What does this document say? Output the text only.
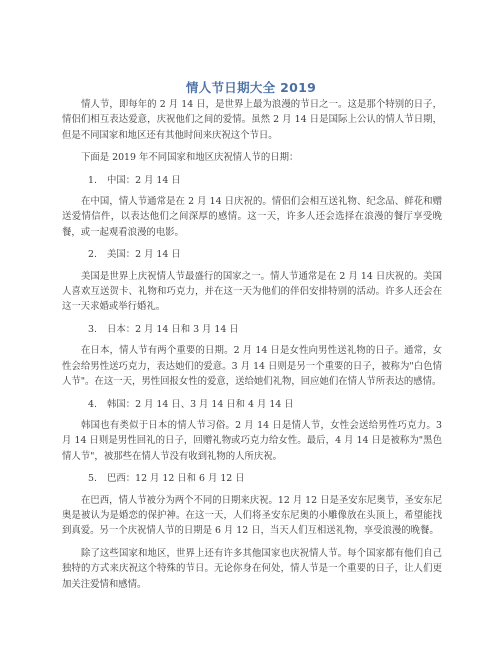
情人节日期大全 2019

情人节，即每年的 2 月 14 日，是世界上最为浪漫的节日之一。这是那个特别的日子，情侣们相互表达爱意，庆祝他们之间的爱情。虽然 2 月 14 日是国际上公认的情人节日期，但是不同国家和地区还有其他时间来庆祝这个节日。

下面是 2019 年不同国家和地区庆祝情人节的日期：

1. 中国：2 月 14 日

在中国，情人节通常是在 2 月 14 日庆祝的。情侣们会相互送礼物、纪念品、鲜花和赠送爱情信件，以表达他们之间深厚的感情。这一天，许多人还会选择在浪漫的餐厅享受晚餐，或一起观看浪漫的电影。

2. 美国：2 月 14 日

美国是世界上庆祝情人节最盛行的国家之一。情人节通常是在 2 月 14 日庆祝的。美国人喜欢互送贺卡、礼物和巧克力，并在这一天为他们的伴侣安排特别的活动。许多人还会在这一天求婚或举行婚礼。

3. 日本：2 月 14 日和 3 月 14 日

在日本，情人节有两个重要的日期。2 月 14 日是女性向男性送礼物的日子。通常，女性会给男性送巧克力，表达她们的爱意。3 月 14 日则是另一个重要的日子，被称为"白色情人节"。在这一天，男性回报女性的爱意，送给她们礼物，回应她们在情人节所表达的感情。

4. 韩国：2 月 14 日、3 月 14 日和 4 月 14 日

韩国也有类似于日本的情人节习俗。2 月 14 日是情人节，女性会送给男性巧克力。3 月 14 日则是男性回礼的日子，回赠礼物或巧克力给女性。最后，4 月 14 日是被称为"黑色情人节"，被那些在情人节没有收到礼物的人所庆祝。

5. 巴西：12 月 12 日和 6 月 12 日

在巴西，情人节被分为两个不同的日期来庆祝。12 月 12 日是圣安东尼奥节，圣安东尼奥是被认为是婚恋的保护神。在这一天，人们将圣安东尼奥的小雕像放在头顶上，希望能找到真爱。另一个庆祝情人节的日期是 6 月 12 日，当天人们互相送礼物，享受浪漫的晚餐。

除了这些国家和地区，世界上还有许多其他国家也庆祝情人节。每个国家都有他们自己独特的方式来庆祝这个特殊的节日。无论你身在何处，情人节是一个重要的日子，让人们更加关注爱情和感情。
